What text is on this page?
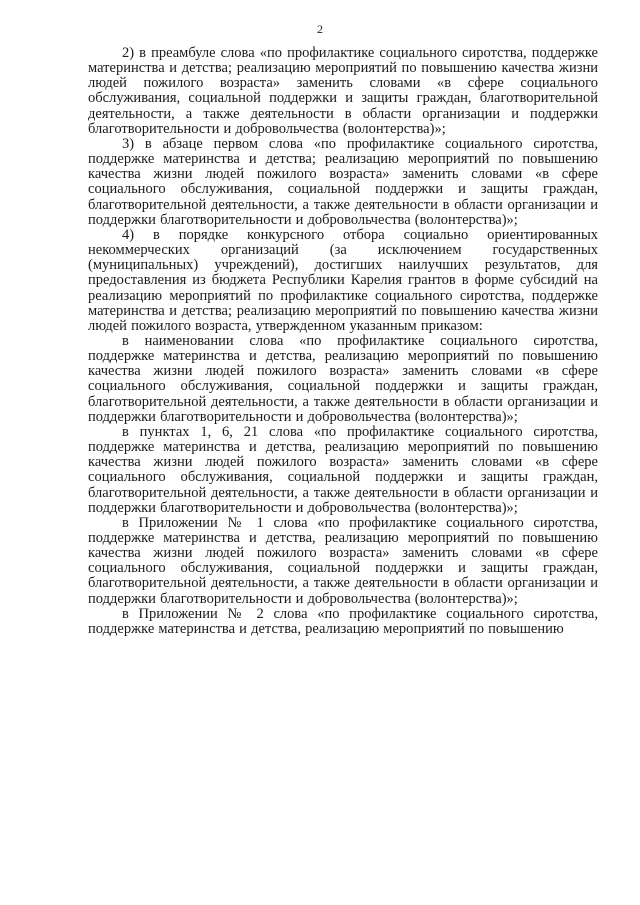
2

2) в преамбуле слова «по профилактике социального сиротства, поддержке материнства и детства; реализацию мероприятий по повышению качества жизни людей пожилого возраста» заменить словами «в сфере социального обслуживания, социальной поддержки и защиты граждан, благотворительной деятельности, а также деятельности в области организации и поддержки благотворительности и добровольчества (волонтерства)»;

3) в абзаце первом слова «по профилактике социального сиротства, поддержке материнства и детства; реализацию мероприятий по повышению качества жизни людей пожилого возраста» заменить словами «в сфере социального обслуживания, социальной поддержки и защиты граждан, благотворительной деятельности, а также деятельности в области организации и поддержки благотворительности и добровольчества (волонтерства)»;

4) в порядке конкурсного отбора социально ориентированных некоммерческих организаций (за исключением государственных (муниципальных) учреждений), достигших наилучших результатов, для предоставления из бюджета Республики Карелия грантов в форме субсидий на реализацию мероприятий по профилактике социального сиротства, поддержке материнства и детства; реализацию мероприятий по повышению качества жизни людей пожилого возраста, утвержденном указанным приказом:

в наименовании слова «по профилактике социального сиротства, поддержке материнства и детства, реализацию мероприятий по повышению качества жизни людей пожилого возраста» заменить словами «в сфере социального обслуживания, социальной поддержки и защиты граждан, благотворительной деятельности, а также деятельности в области организации и поддержки благотворительности и добровольчества (волонтерства)»;

в пунктах 1, 6, 21 слова «по профилактике социального сиротства, поддержке материнства и детства, реализацию мероприятий по повышению качества жизни людей пожилого возраста» заменить словами «в сфере социального обслуживания, социальной поддержки и защиты граждан, благотворительной деятельности, а также деятельности в области организации и поддержки благотворительности и добровольчества (волонтерства)»;

в Приложении № 1 слова «по профилактике социального сиротства, поддержке материнства и детства, реализацию мероприятий по повышению качества жизни людей пожилого возраста» заменить словами «в сфере социального обслуживания, социальной поддержки и защиты граждан, благотворительной деятельности, а также деятельности в области организации и поддержки благотворительности и добровольчества (волонтерства)»;

в Приложении № 2 слова «по профилактике социального сиротства, поддержке материнства и детства, реализацию мероприятий по повышению
